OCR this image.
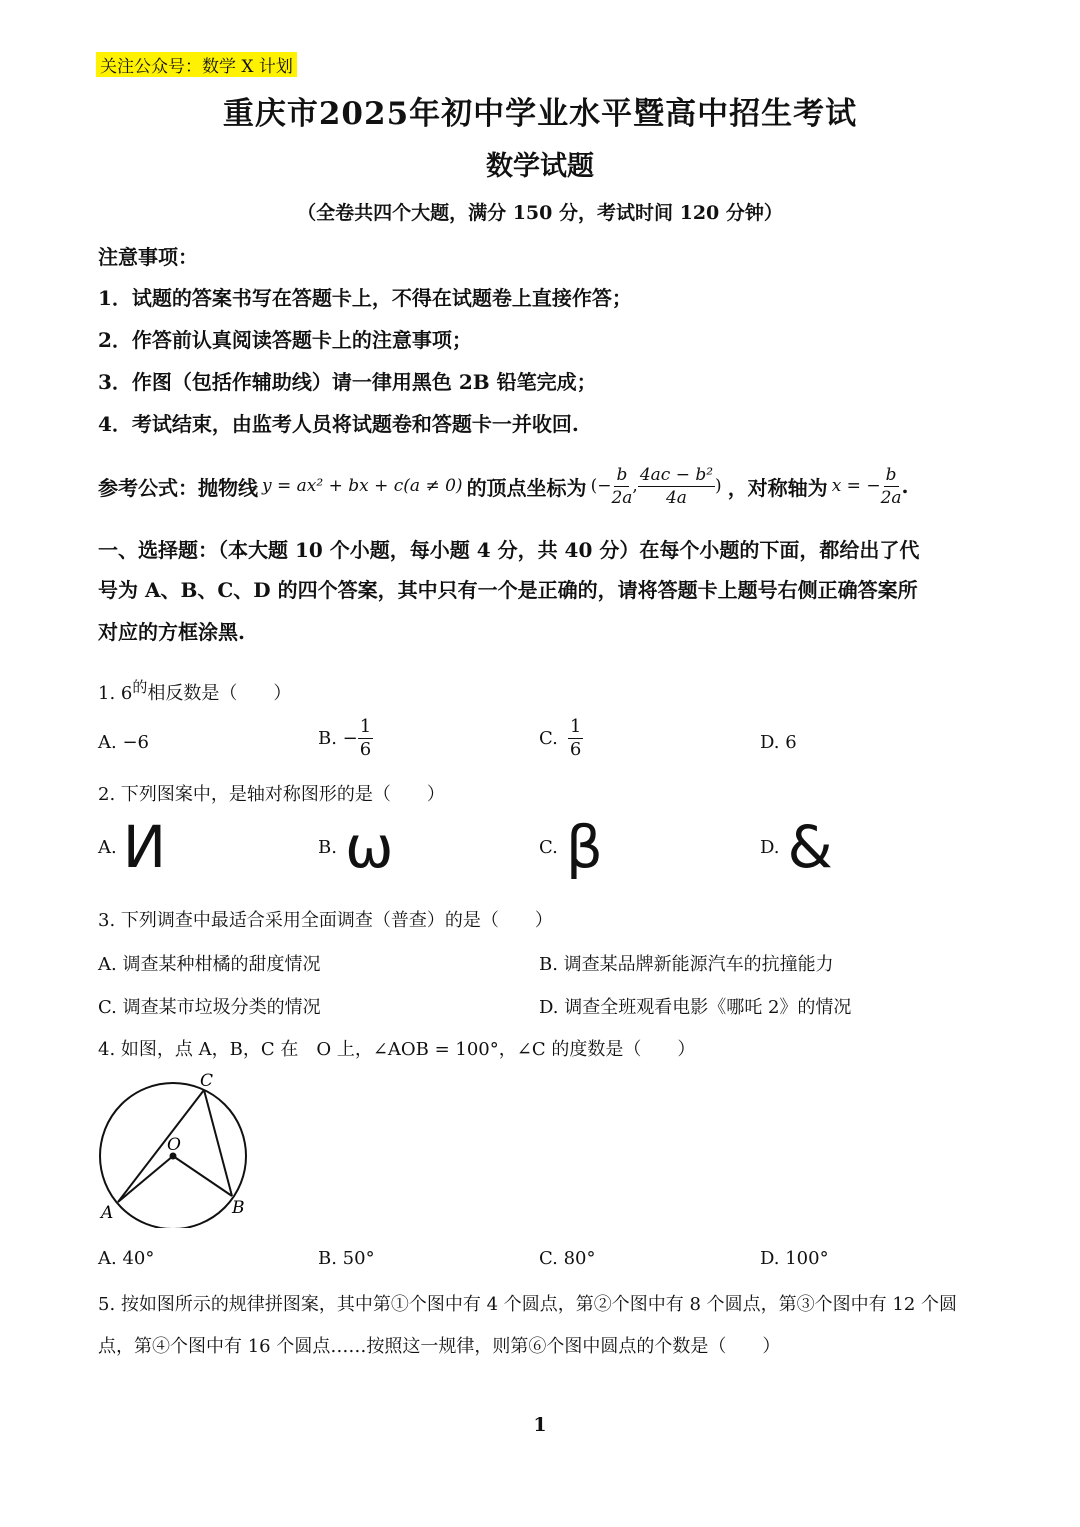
关注公众号：数学 X 计划
重庆市2025年初中学业水平暨高中招生考试
数学试题
（全卷共四个大题，满分 150 分，考试时间 120 分钟）
注意事项：
1．试题的答案书写在答题卡上，不得在试题卷上直接作答；
2．作答前认真阅读答题卡上的注意事项；
3．作图（包括作辅助线）请一律用黑色 2B 铅笔完成；
4．考试结束，由监考人员将试题卷和答题卡一并收回.
参考公式：抛物线 y = ax² + bx + c(a ≠ 0) 的顶点坐标为 (− $\frac{b}{2a}$ , $\frac{\text{4ac − b²}}{4a}$ ) ，对称轴为 x = − $\frac{b}{2a}$ .
一、选择题：（本大题 10 个小题，每小题 4 分，共 40 分）在每个小题的下面，都给出了代
号为 A、B、C、D 的四个答案，其中只有一个是正确的，请将答题卡上题号右侧正确答案所
对应的方框涂黑.
1. $6^的$相反数是（　　）
A. −6	B. − $\frac{1}{6}$	C. $\frac{1}{6}$	D. 6
2. 下列图案中，是轴对称图形的是（　　）
A. И	B. ω	C. β	D. &
3. 下列调查中最适合采用全面调查（普查）的是（　　）
A. 调查某种柑橘的甜度情况	B. 调查某品牌新能源汽车的抗撞能力
C. 调查某市垃圾分类的情况	D. 调查全班观看电影《哪吒 2》的情况
4. 如图，点 A，B，C 在　O 上，∠AOB = 100°，∠C 的度数是（　　）
C
O
A	B
A. 40°	B. 50°	C. 80°	D. 100°
5. 按如图所示的规律拼图案，其中第①个图中有 4 个圆点，第②个图中有 8 个圆点，第③个图中有 12 个圆
点，第④个图中有 16 个圆点……按照这一规律，则第⑥个图中圆点的个数是（　　）
1
